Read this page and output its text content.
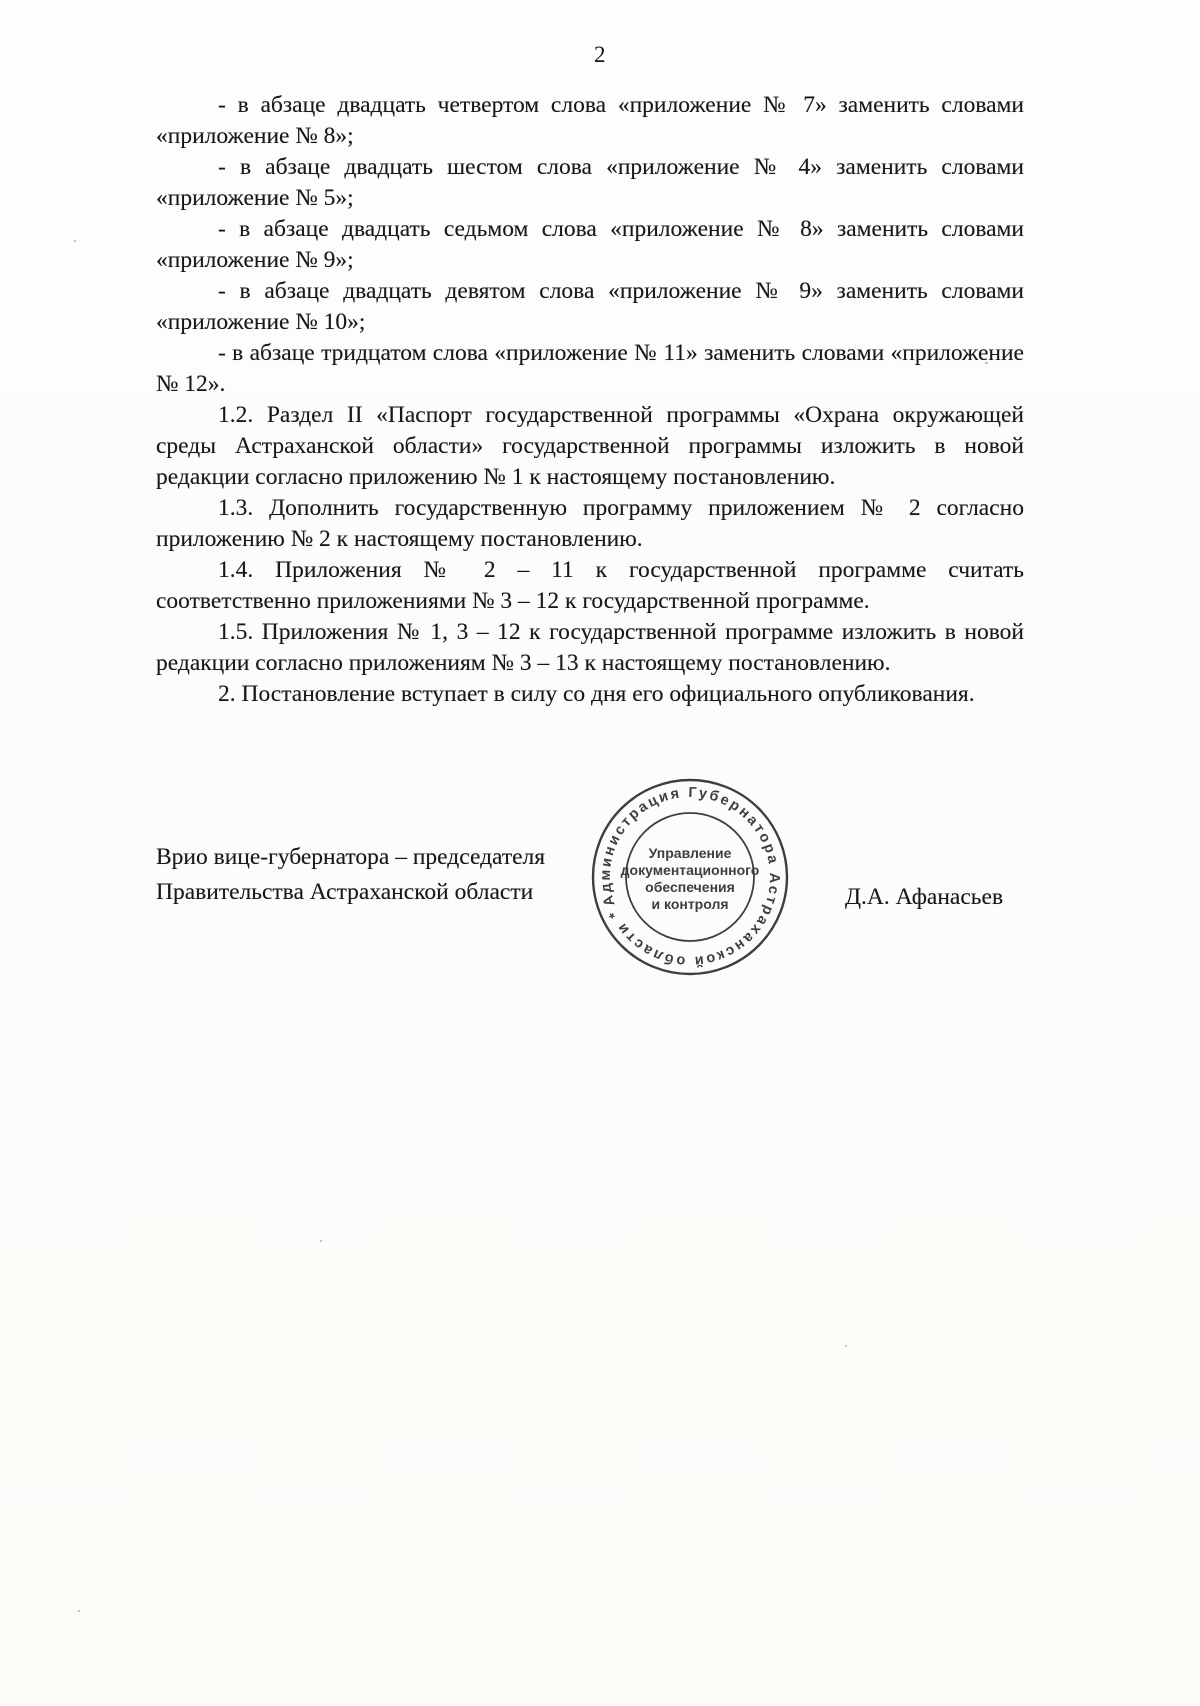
2

- в абзаце двадцать четвертом слова «приложение № 7» заменить словами «приложение № 8»;

- в абзаце двадцать шестом слова «приложение № 4» заменить словами «приложение № 5»;

- в абзаце двадцать седьмом слова «приложение № 8» заменить словами «приложение № 9»;

- в абзаце двадцать девятом слова «приложение № 9» заменить словами «приложение № 10»;

- в абзаце тридцатом слова «приложение № 11» заменить словами «приложение № 12».

1.2. Раздел II «Паспорт государственной программы «Охрана окружающей среды Астраханской области» государственной программы изложить в новой редакции согласно приложению № 1 к настоящему постановлению.

1.3. Дополнить государственную программу приложением № 2 согласно приложению № 2 к настоящему постановлению.

1.4. Приложения № 2 – 11 к государственной программе считать соответственно приложениями № 3 – 12 к государственной программе.

1.5. Приложения № 1, 3 – 12 к государственной программе изложить в новой редакции согласно приложениям № 3 – 13 к настоящему постановлению.

2. Постановление вступает в силу со дня его официального опубликования.

Врио вице-губернатора – председателя
Правительства Астраханской области	Д.А. Афанасьев
Администрация Губернатора Астраханской области *
Управление
документационного
обеспечения
и контроля
